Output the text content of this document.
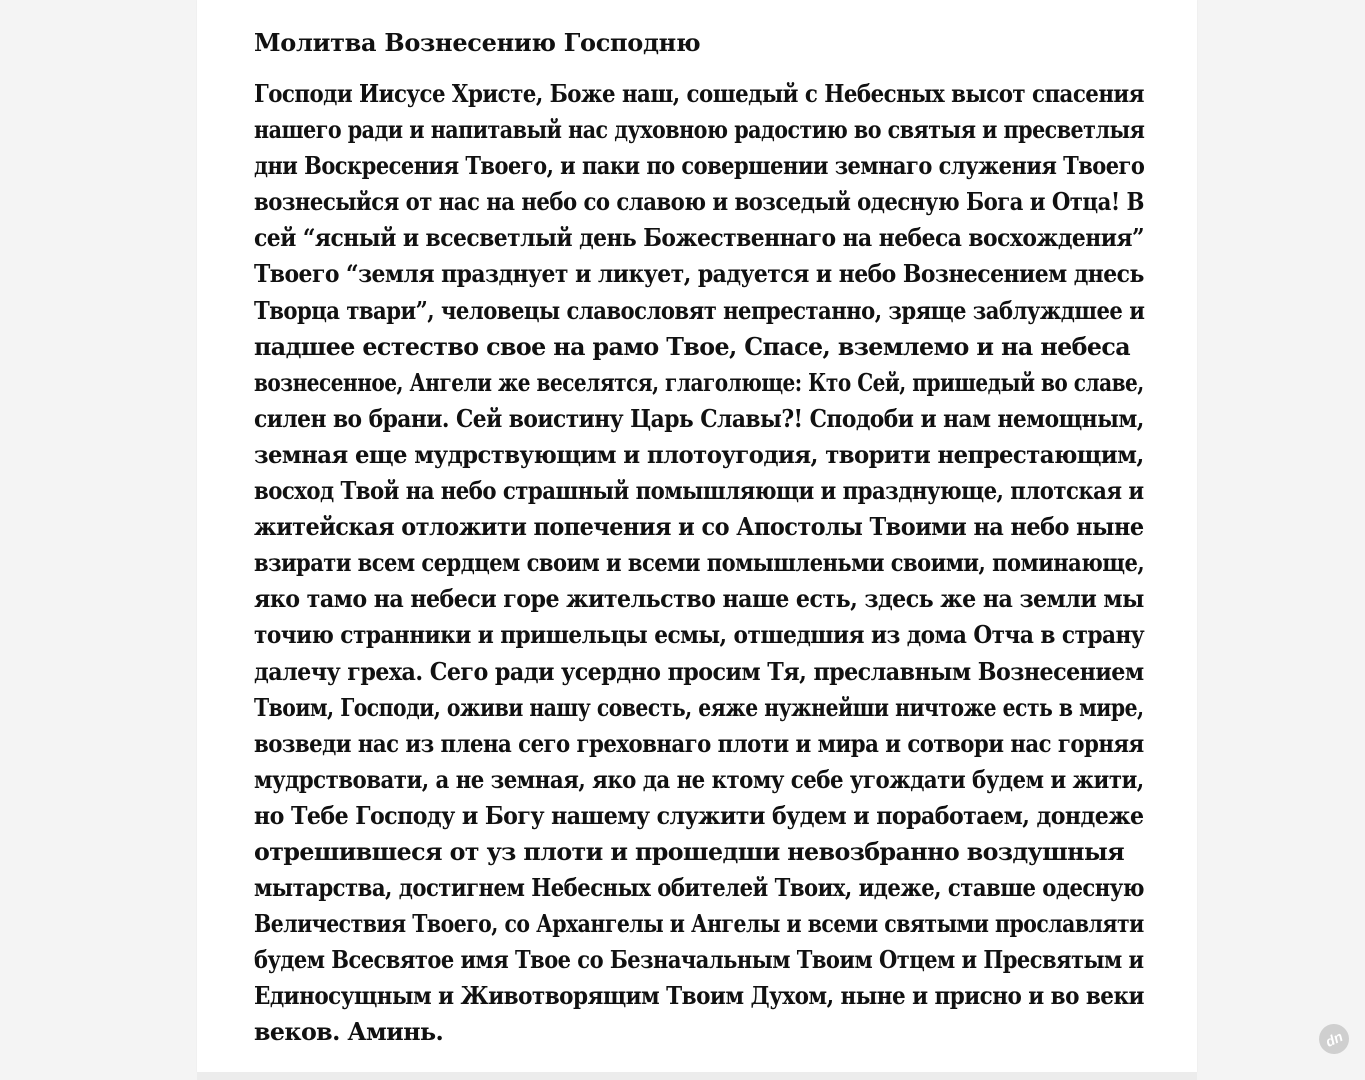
Молитва Вознесению Господню
Господи Иисусе Христе, Боже наш, сошедый с Небесных высот спасения
нашего ради и напитавый нас духовною радостию во святыя и пресветлыя
дни Воскресения Твоего, и паки по совершении земнаго служения Твоего
вознесыйся от нас на небо со славою и возседый одесную Бога и Отца! В
сей “ясный и всесветлый день Божественнаго на небеса восхождения”
Твоего “земля празднует и ликует, радуется и небо Вознесением днесь
Творца твари”, человецы славословят непрестанно, зряще заблуждшее и
падшее естество свое на рамо Твое, Спасе, вземлемо и на небеса
вознесенное, Ангели же веселятся, глаголюще: Кто Сей, пришедый во славе,
силен во брани. Сей воистину Царь Славы?! Сподоби и нам немощным,
земная еще мудрствующим и плотоугодия, творити непрестающим,
восход Твой на небо страшный помышляющи и празднующе, плотская и
житейская отложити попечения и со Апостолы Твоими на небо ныне
взирати всем сердцем своим и всеми помышленьми своими, поминающе,
яко тамо на небеси горе жительство наше есть, здесь же на земли мы
точию странники и пришельцы есмы, отшедшия из дома Отча в страну
далечу греха. Сего ради усердно просим Тя, преславным Вознесением
Твоим, Господи, оживи нашу совесть, еяже нужнейши ничтоже есть в мире,
возведи нас из плена сего греховнаго плоти и мира и сотвори нас горняя
мудрствовати, а не земная, яко да не ктому себе угождати будем и жити,
но Тебе Господу и Богу нашему служити будем и поработаем, дондеже
отрешившеся от уз плоти и прошедши невозбранно воздушныя
мытарства, достигнем Небесных обителей Твоих, идеже, ставше одесную
Величествия Твоего, со Архангелы и Ангелы и всеми святыми прославляти
будем Всесвятое имя Твое со Безначальным Твоим Отцем и Пресвятым и
Единосущным и Животворящим Твоим Духом, ныне и присно и во веки
веков. Аминь.	dn
